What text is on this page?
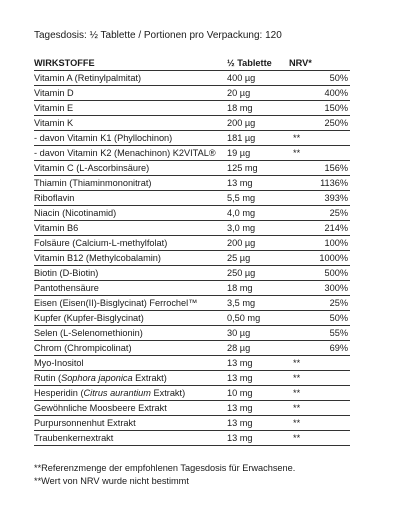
Tagesdosis: ½ Tablette / Portionen pro Verpackung: 120
WIRKSTOFFE	½ Tablette	NRV*
Vitamin A (Retinylpalmitat)	400 µg	50%

Vitamin D	20 µg	400%

Vitamin E	18 mg	150%

Vitamin K	200 µg	250%

- davon Vitamin K1 (Phyllochinon)	181 µg	**

- davon Vitamin K2 (Menachinon) K2VITAL®	19 µg	**

Vitamin C (L-Ascorbinsäure)	125 mg	156%

Thiamin (Thiaminmononitrat)	13 mg	1136%

Riboflavin	5,5 mg	393%

Niacin (Nicotinamid)	4,0 mg	25%

Vitamin B6	3,0 mg	214%

Folsäure (Calcium-L-methylfolat)	200 µg	100%

Vitamin B12 (Methylcobalamin)	25 µg	1000%

Biotin (D-Biotin)	250 µg	500%

Pantothensäure	18 mg	300%

Eisen (Eisen(II)-Bisglycinat) Ferrochel™	3,5 mg	25%

Kupfer (Kupfer-Bisglycinat)	0,50 mg	50%

Selen (L-Selenomethionin)	30 µg	55%

Chrom (Chrompicolinat)	28 µg	69%

Myo-Inositol	13 mg	**

Rutin (Sophora japonica Extrakt)	13 mg	**

Hesperidin (Citrus aurantium Extrakt)	10 mg	**

Gewöhnliche Moosbeere Extrakt	13 mg	**

Purpursonnenhut Extrakt	13 mg	**

Traubenkernextrakt	13 mg	**
**Referenzmenge der empfohlenen Tagesdosis für Erwachsene.
**Wert von NRV wurde nicht bestimmt
